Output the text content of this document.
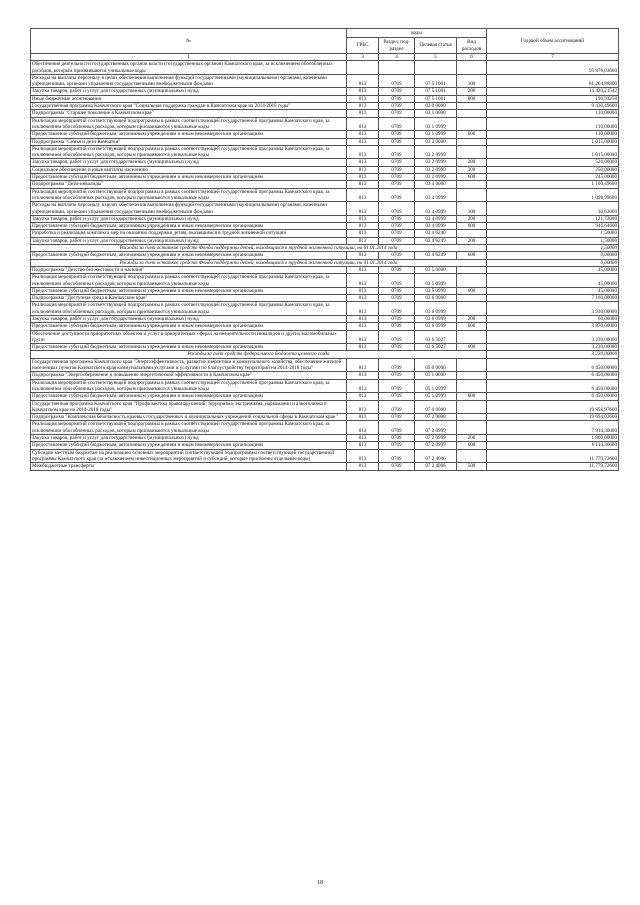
№	коды				Годовой объем ассигнований
	ГРБС	Раздел, под-раздел	Целевая статья	Вид расходов	
1	3	4	5	6	7
Обеспечение деятельности государственных органов власти (государственных органов) Камчатского края, за исключением обособленных расходов, которым присваиваются уникальные коды					95 876,03600
Расходы на выплаты персоналу в целях обеспечения выполнения функций государственными (муниципальными) органами, казенными учреждениями, органами управления государственными внебюджетными фондами	813	0709	07 5 1001	100	81 264,88800
Закупка товаров, работ и услуг для государственных (муниципальных) нужд	813	0709	07 5 1001	200	14 420,21542
Иные бюджетные ассигнования	813	0709	07 5 1001	800	190,93258
Государственная программа Камчатского края "Социальная поддержка граждан в Камчатском крае на 2014-2018 годы"	813	0709	03 0 0000		9 430,49600
Подпрограмма "Старшее поколение в Камчатском крае"	813	0709	03 1 0000		110,00000
Реализация мероприятий соответствующей подпрограммы в рамках соответствующей государственной программы Камчатского края, за исключением обособленных расходов, которым присваиваются уникальные коды	813	0709	03 1 0999		110,00000
Предоставление субсидий бюджетным, автономным учреждениям и иным некоммерческим организациям	813	0709	03 1 0999	600	110,00000
Подпрограмма "Семья и дети Камчатки"	813	0709	03 2 0000		1 015,00000
Реализация мероприятий соответствующей подпрограммы в рамках соответствующей государственной программы Камчатского края, за исключением обособленных расходов, которым присваиваются уникальные коды	813	0709	03 2 0999		1 015,00000
Закупка товаров, работ и услуг для государственных (муниципальных) нужд	813	0709	03 2 0999	200	520,00000
Социальное обеспечение и иные выплаты населению	813	0709	03 2 0999	300	250,00000
Предоставление субсидий бюджетным, автономным учреждениям и иным некоммерческим организациям	813	0709	03 2 0999	600	245,00000
Подпрограмма "Дети-инвалиды"	813	0709	03 4 0000		1 100,49600
Реализация мероприятий соответствующей подпрограммы в рамках соответствующей государственной программы Камчатского края, за исключением обособленных расходов, которым присваиваются уникальные коды	813	0709	03 4 0999		1 098,99600
Расходы на выплаты персоналу в целях обеспечения выполнения функций государственными (муниципальными) органами, казенными учреждениями, органами управления государственными внебюджетными фондами	813	0709	03 4 0999	100	30,63000
Закупка товаров, работ и услуг для государственных (муниципальных) нужд	813	0709	03 4 0999	200	121,72000
Предоставление субсидий бюджетным, автономным учреждениям и иным некоммерческим организациям	813	0709	03 4 0999	600	946,64600
Разработка и реализация комплекса мер по оказанию поддержки детям, оказавшимся в трудной жизненной ситуации	813	0709	03 4 6240		1,50000
Закупка товаров, работ и услуг для государственных (муниципальных) нужд	813	0709	03 4 6249	200	1,50000
Расходы за счет остатков средств Фонда поддержки детей, находящихся в трудной жизненной ситуации, на 01.01.2014 года					1,50000
Предоставление субсидий бюджетным, автономным учреждениям и иным некоммерческим организациям	813	0709	03 4 6249	600	0,00000
Расходы за счет остатков средств Фонда поддержки детей, находящихся в трудной жизненной ситуации, на 01.01.2014 года					0,00000
Подпрограмма "Детство без жестокости и насилия"	813	0709	03 5 0000		45,00000
Реализация мероприятий соответствующей подпрограммы в рамках соответствующей государственной программы Камчатского края, за исключением обособленных расходов, которым присваиваются уникальные коды	813	0709	03 5 0999		45,00000
Предоставление субсидий бюджетным, автономным учреждениям и иным некоммерческим организациям	813	0709	03 5 0999	600	45,00000
Подпрограмма "Доступная среда в Камчатском крае"	813	0709	03 6 0000		7 160,00000
Реализация мероприятий соответствующей подпрограммы в рамках соответствующей государственной программы Камчатского края, за исключением обособленных расходов, которым присваиваются уникальные коды	813	0709	03 6 0999		3 930,00000
Закупка товаров, работ и услуг для государственных (муниципальных) нужд	813	0709	03 6 0999	200	60,00000
Предоставление субсидий бюджетным, автономным учреждениям и иным некоммерческим организациям	813	0709	03 6 0999	600	3 870,00000
Обеспечение доступности приоритетных объектов и услуг в приоритетных сферах жизнедеятельности инвалидов и других маломобильных групп	813	0709	03 6 5027		3 230,00000
Предоставление субсидий бюджетным, автономным учреждениям и иным некоммерческим организациям	813	0709	03 6 5027	600	3 230,00000
Расходы за счет средств федерального бюджета целевого созда					3 230,00000
Государственная программа Камчатского края "Энергоэффективность, развитие энергетики и коммунального хозяйства, обеспечение жителей населенных пунктов Камчатского края коммунальными услугами и услугами по благоустройству территорий на 2014-2018 годы"	813	0709	05 0 0000		6 450,00000
Подпрограмма "Энергосбережение и повышение энергетической эффективности в Камчатском крае"	813	0709	05 1 0000		6 450,00000
Реализация мероприятий соответствующей подпрограммы в рамках соответствующей государственной программы Камчатского края, за исключением обособленных расходов, которым присваиваются уникальные коды	813	0709	05 1 0999		6 450,00000
Предоставление субсидий бюджетным, автономным учреждениям и иным некоммерческим организациям	813	0709	05 1 0999	600	6 450,00000
Государственная программа Камчатского края "Профилактика правонарушений, терроризма, экстремизма, наркомании и алкоголизма в Камчатском крае на 2014-2018 годы"	813	0709	07 0 0000		19 858,97600
Подпрограмма "Комплексная безопасность краевых государственных и муниципальных учреждений социальной сферы в Камчатском крае "	813	0709	07 2 0000		19 694,02600
Реализация мероприятий соответствующей подпрограммы в рамках соответствующей государственной программы Камчатского края, за исключением обособленных расходов, которым присваиваются уникальные коды	813	0709	07 2 0999		7 914,30000
Закупка товаров, работ и услуг для государственных (муниципальных) нужд	813	0709	07 2 0999	200	1 800,00000
Предоставление субсидий бюджетным, автономным учреждениям и иным некоммерческим организациям	813	0709	07 2 0999	600	6 114,30000
Субсидии местным бюджетам на реализацию основных мероприятий соответствующей подпрограммы соответствующей государственной программы Камчатского края (за исключением инвестиционных мероприятий и субсидий, которые присвоены отдельные коды)	813	0709	07 2 4006		11 779,72600
Межбюджетные трансферты	813	0709	07 2 4006	500	11 779,72600
18
